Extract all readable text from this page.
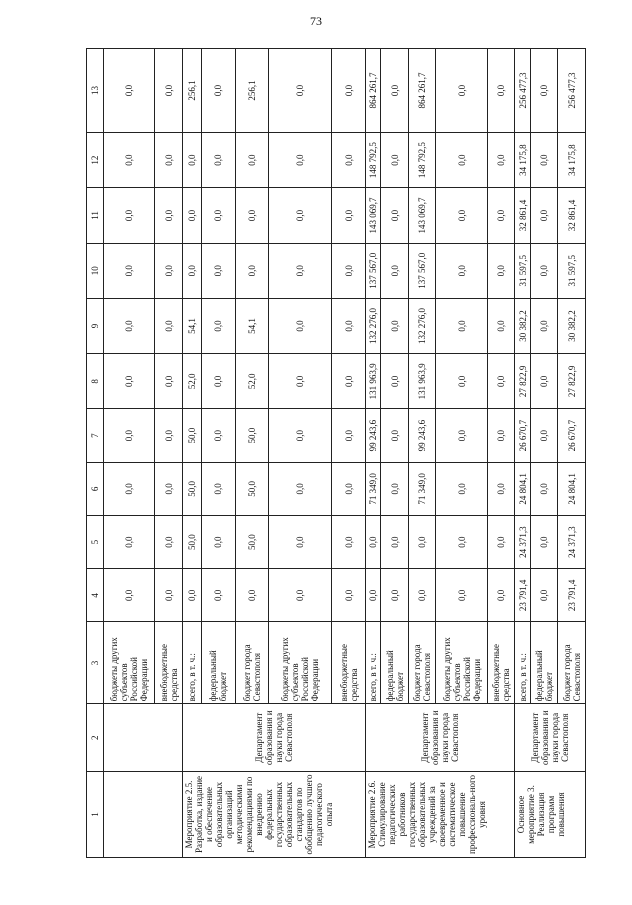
73
1	2	3	4	5	6	7	8	9	10	11	12	13
		бюджеты других субъектов Российской Федерации	0,0	0,0	0,0	0,0	0,0	0,0	0,0	0,0	0,0	0,0
		внебюджетные средства	0,0	0,0	0,0	0,0	0,0	0,0	0,0	0,0	0,0	0,0
Мероприятие 2.5. Разработка, издание и обеспечение образовательных организаций методическими рекомендациями по внедрению федеральных государственных образовательных стандартов по обобщению лучшего педагогического опыта	Департамент образования и науки города Севастополя	всего, в т. ч.:	0,0	50,0	50,0	50,0	52,0	54,1	0,0	0,0	0,0	256,1
		федеральный бюджет	0,0	0,0	0,0	0,0	0,0	0,0	0,0	0,0	0,0	0,0
		бюджет города Севастополя	0,0	50,0	50,0	50,0	52,0	54,1	0,0	0,0	0,0	256,1
		бюджеты других субъектов Российской Федерации	0,0	0,0	0,0	0,0	0,0	0,0	0,0	0,0	0,0	0,0
		внебюджетные средства	0,0	0,0	0,0	0,0	0,0	0,0	0,0	0,0	0,0	0,0
Мероприятие 2.6. Стимулирование педагогических работников государственных образовательных учреждений за своевременное и систематическое повышение профессиональ-ного уровня	Департамент образования и науки города Севастополя	всего, в т. ч.:	0,0	0,0	71 349,0	99 243,6	131 963,9	132 276,0	137 567,0	143 069,7	148 792,5	864 261,7
		федеральный бюджет	0,0	0,0	0,0	0,0	0,0	0,0	0,0	0,0	0,0	0,0
		бюджет города Севастополя	0,0	0,0	71 349,0	99 243,6	131 963,9	132 276,0	137 567,0	143 069,7	148 792,5	864 261,7
		бюджеты других субъектов Российской Федерации	0,0	0,0	0,0	0,0	0,0	0,0	0,0	0,0	0,0	0,0
		внебюджетные средства	0,0	0,0	0,0	0,0	0,0	0,0	0,0	0,0	0,0	0,0
Основное мероприятие 3. Реализация программ повышения	Департамент образования и науки города Севастополя	всего, в т. ч.:	23 791,4	24 371,3	24 804,1	26 670,7	27 822,9	30 382,2	31 597,5	32 861,4	34 175,8	256 477,3
		федеральный бюджет	0,0	0,0	0,0	0,0	0,0	0,0	0,0	0,0	0,0	0,0
		бюджет города Севастополя	23 791,4	24 371,3	24 804,1	26 670,7	27 822,9	30 382,2	31 597,5	32 861,4	34 175,8	256 477,3
